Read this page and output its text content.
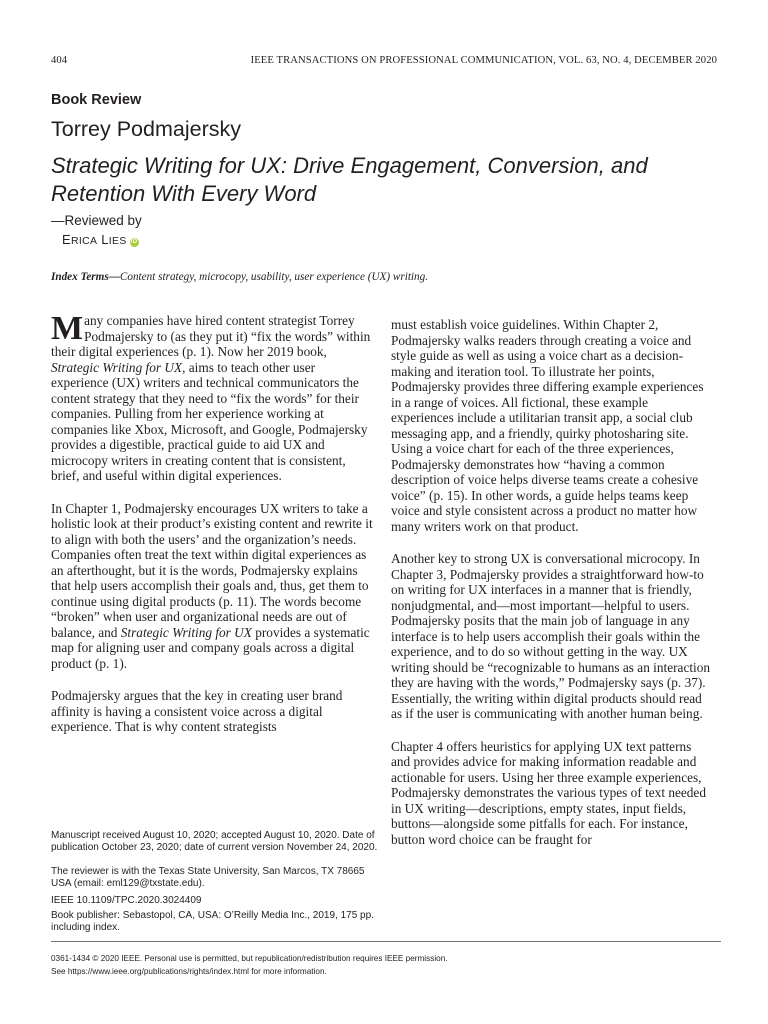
404	IEEE TRANSACTIONS ON PROFESSIONAL COMMUNICATION, VOL. 63, NO. 4, DECEMBER 2020
Book Review
Torrey Podmajersky
Strategic Writing for UX: Drive Engagement, Conversion, and Retention With Every Word
—Reviewed by
ERICA LIES iD
Index Terms—Content strategy, microcopy, usability, user experience (UX) writing.

Many companies have hired content strategist Torrey Podmajersky to (as they put it) “fix the words” within their digital experiences (p. 1). Now her 2019 book, Strategic Writing for UX, aims to teach other user experience (UX) writers and technical communicators the content strategy that they need to “fix the words” for their companies. Pulling from her experience working at companies like Xbox, Microsoft, and Google, Podmajersky provides a digestible, practical guide to aid UX and microcopy writers in creating content that is consistent, brief, and useful within digital experiences.

In Chapter 1, Podmajersky encourages UX writers to take a holistic look at their product’s existing content and rewrite it to align with both the users’ and the organization’s needs. Companies often treat the text within digital experiences as an afterthought, but it is the words, Podmajersky explains that help users accomplish their goals and, thus, get them to continue using digital products (p. 11). The words become “broken” when user and organizational needs are out of balance, and Strategic Writing for UX provides a systematic map for aligning user and company goals across a digital product (p. 1).

Podmajersky argues that the key in creating user brand affinity is having a consistent voice across a digital experience. That is why content strategists

must establish voice guidelines. Within Chapter 2, Podmajersky walks readers through creating a voice and style guide as well as using a voice chart as a decision-making and iteration tool. To illustrate her points, Podmajersky provides three differing example experiences in a range of voices. All fictional, these example experiences include a utilitarian transit app, a social club messaging app, and a friendly, quirky photosharing site. Using a voice chart for each of the three experiences, Podmajersky demonstrates how “having a common description of voice helps diverse teams create a cohesive voice” (p. 15). In other words, a guide helps teams keep voice and style consistent across a product no matter how many writers work on that product.

Another key to strong UX is conversational microcopy. In Chapter 3, Podmajersky provides a straightforward how-to on writing for UX interfaces in a manner that is friendly, nonjudgmental, and—most important—helpful to users. Podmajersky posits that the main job of language in any interface is to help users accomplish their goals within the experience, and to do so without getting in the way. UX writing should be “recognizable to humans as an interaction they are having with the words,” Podmajersky says (p. 37). Essentially, the writing within digital products should read as if the user is communicating with another human being.

Chapter 4 offers heuristics for applying UX text patterns and provides advice for making information readable and actionable for users. Using her three example experiences, Podmajersky demonstrates the various types of text needed in UX writing—descriptions, empty states, input fields, buttons—alongside some pitfalls for each. For instance, button word choice can be fraught for

Manuscript received August 10, 2020; accepted August 10, 2020. Date of publication October 23, 2020; date of current version November 24, 2020.
The reviewer is with the Texas State University, San Marcos, TX 78665 USA (email: eml129@txstate.edu).
IEEE 10.1109/TPC.2020.3024409
Book publisher: Sebastopol, CA, USA: O’Reilly Media Inc., 2019, 175 pp. including index.
0361-1434 © 2020 IEEE. Personal use is permitted, but republication/redistribution requires IEEE permission.
See https://www.ieee.org/publications/rights/index.html for more information.
